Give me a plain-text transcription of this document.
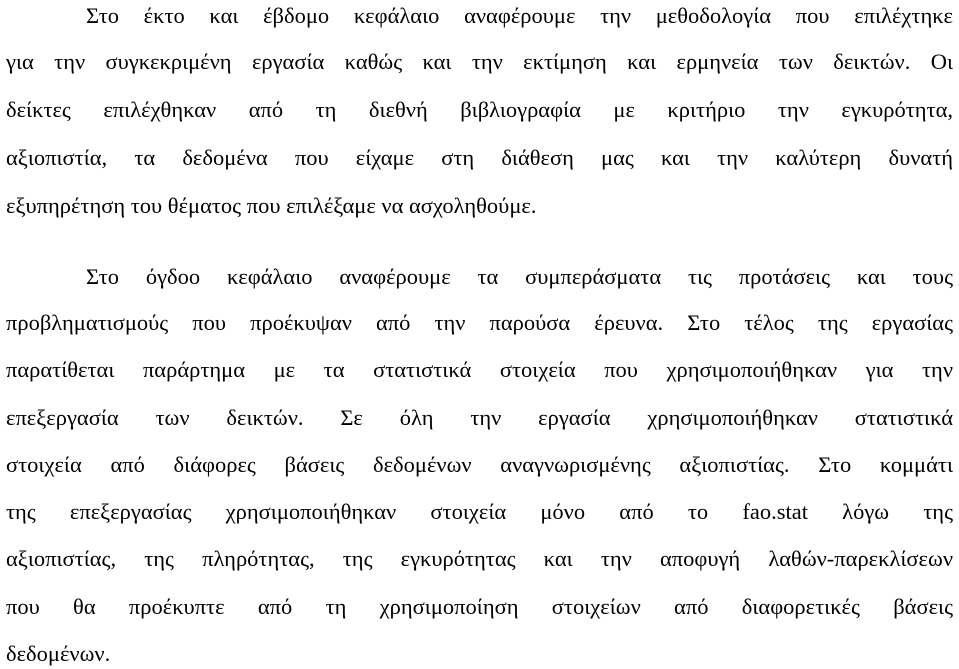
Στο έκτο και έβδομο κεφάλαιο αναφέρουμε την μεθοδολογία που επιλέχτηκε
για την συγκεκριμένη εργασία καθώς και την εκτίμηση και ερμηνεία των δεικτών. Οι
δείκτες επιλέχθηκαν από τη διεθνή βιβλιογραφία με κριτήριο την εγκυρότητα,
αξιοπιστία, τα δεδομένα που είχαμε στη διάθεση μας και την καλύτερη δυνατή
εξυπηρέτηση του θέματος που επιλέξαμε να ασχοληθούμε.
Στο όγδοο κεφάλαιο αναφέρουμε τα συμπεράσματα τις προτάσεις και τους
προβληματισμούς που προέκυψαν από την παρούσα έρευνα. Στο τέλος της εργασίας
παρατίθεται παράρτημα με τα στατιστικά στοιχεία που χρησιμοποιήθηκαν για την
επεξεργασία των δεικτών. Σε όλη την εργασία χρησιμοποιήθηκαν στατιστικά
στοιχεία από διάφορες βάσεις δεδομένων αναγνωρισμένης αξιοπιστίας. Στο κομμάτι
της επεξεργασίας χρησιμοποιήθηκαν στοιχεία μόνο από το fao.stat λόγω της
αξιοπιστίας, της πληρότητας, της εγκυρότητας και την αποφυγή λαθών-παρεκλίσεων
που θα προέκυπτε από τη χρησιμοποίηση στοιχείων από διαφορετικές βάσεις
δεδομένων.
